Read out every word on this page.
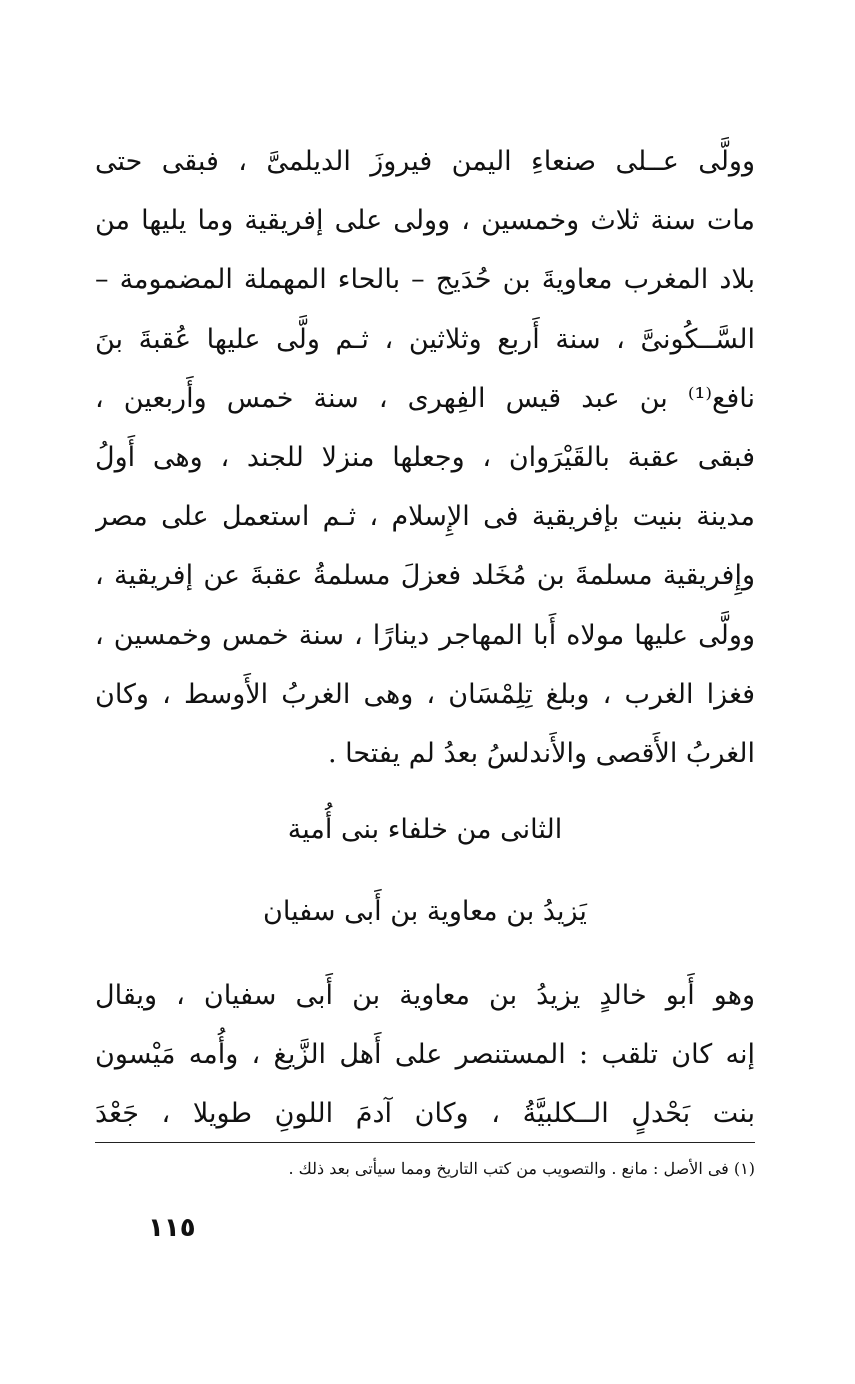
وولَّى عــلى صنعاءِ اليمن فيروزَ الديلمىَّ ، فبقى حتى
مات سنة ثلاث وخمسين ، وولى على إفريقية وما يليها من
بلاد المغرب معاويةَ بن حُدَيج – بالحاء المهملة المضمومة –
السَّــكُونىَّ ، سنة أَربع وثلاثين ، ثـم ولَّى عليها عُقبةَ بنَ
نافع⁽¹⁾ بن عبد قيس الفِهرى ، سنة خمس وأَربعين ،
فبقى عقبة بالقَيْرَوان ، وجعلها منزلا للجند ، وهى أَولُ
مدينة بنيت بإفريقية فى الإِسلام ، ثـم استعمل على مصر
وإِفريقية مسلمةَ بن مُخَلد فعزلَ مسلمةُ عقبةَ عن إفريقية ،
وولَّى عليها مولاه أَبا المهاجر دينارًا ، سنة خمس وخمسين ،
فغزا الغرب ، وبلغ تِلِمْسَان ، وهى الغربُ الأَوسط ، وكان
الغربُ الأَقصى والأَندلسُ بعدُ لم يفتحا .
الثانى من خلفاء بنى أُمية
يَزيدُ بن معاوية بن أَبى سفيان
وهو أَبو خالدٍ يزيدُ بن معاوية بن أَبى سفيان ، ويقال
إنه كان تلقب : المستنصر على أَهل الزَّيغ ، وأُمه مَيْسون
بنت بَحْدلٍ الــكلبيَّةُ ، وكان آدمَ اللونِ طويلا ، جَعْدَ
(١) فى الأصل : مانع . والتصويب من كتب التاريخ ومما سيأتى بعد ذلك .
١١٥
